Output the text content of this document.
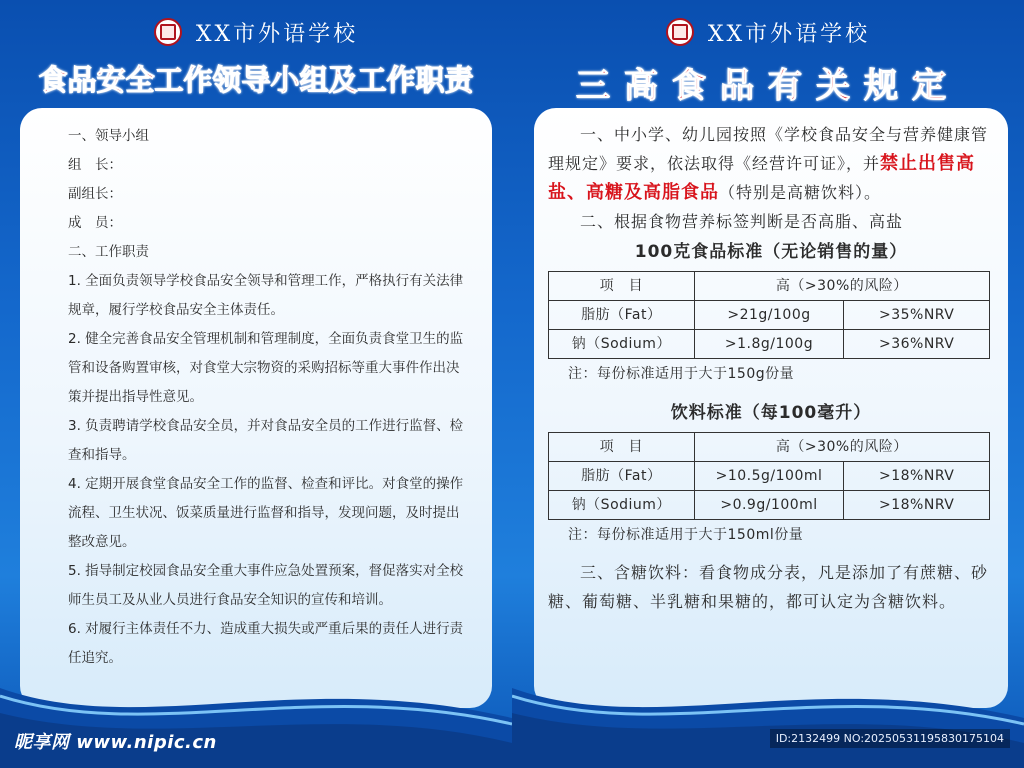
XX市外语学校
食品安全工作领导小组及工作职责
一、领导小组
组　长：
副组长：
成　员：
二、工作职责
1. 全面负责领导学校食品安全领导和管理工作，严格执行有关法律规章，履行学校食品安全主体责任。
2. 健全完善食品安全管理机制和管理制度，全面负责食堂卫生的监管和设备购置审核，对食堂大宗物资的采购招标等重大事件作出决策并提出指导性意见。
3. 负责聘请学校食品安全员，并对食品安全员的工作进行监督、检查和指导。
4. 定期开展食堂食品安全工作的监督、检查和评比。对食堂的操作流程、卫生状况、饭菜质量进行监督和指导，发现问题，及时提出整改意见。
5. 指导制定校园食品安全重大事件应急处置预案，督促落实对全校师生员工及从业人员进行食品安全知识的宣传和培训。
6. 对履行主体责任不力、造成重大损失或严重后果的责任人进行责任追究。
昵享网 www.nipic.cn
XX市外语学校
三高食品有关规定
一、中小学、幼儿园按照《学校食品安全与营养健康管理规定》要求，依法取得《经营许可证》，并禁止出售高盐、高糖及高脂食品（特别是高糖饮料）。
二、根据食物营养标签判断是否高脂、高盐
100克食品标准（无论销售的量）
项　目	高（>30%的风险）	
脂肪（Fat）	>21g/100g	>35%NRV
钠（Sodium）	>1.8g/100g	>36%NRV
注：每份标准适用于大于150g份量
饮料标准（每100毫升）
项　目	高（>30%的风险）	
脂肪（Fat）	>10.5g/100ml	>18%NRV
钠（Sodium）	>0.9g/100ml	>18%NRV
注：每份标准适用于大于150ml份量
三、含糖饮料：看食物成分表，凡是添加了有蔗糖、砂糖、葡萄糖、半乳糖和果糖的，都可认定为含糖饮料。
ID:2132499 NO:20250531195830175104
